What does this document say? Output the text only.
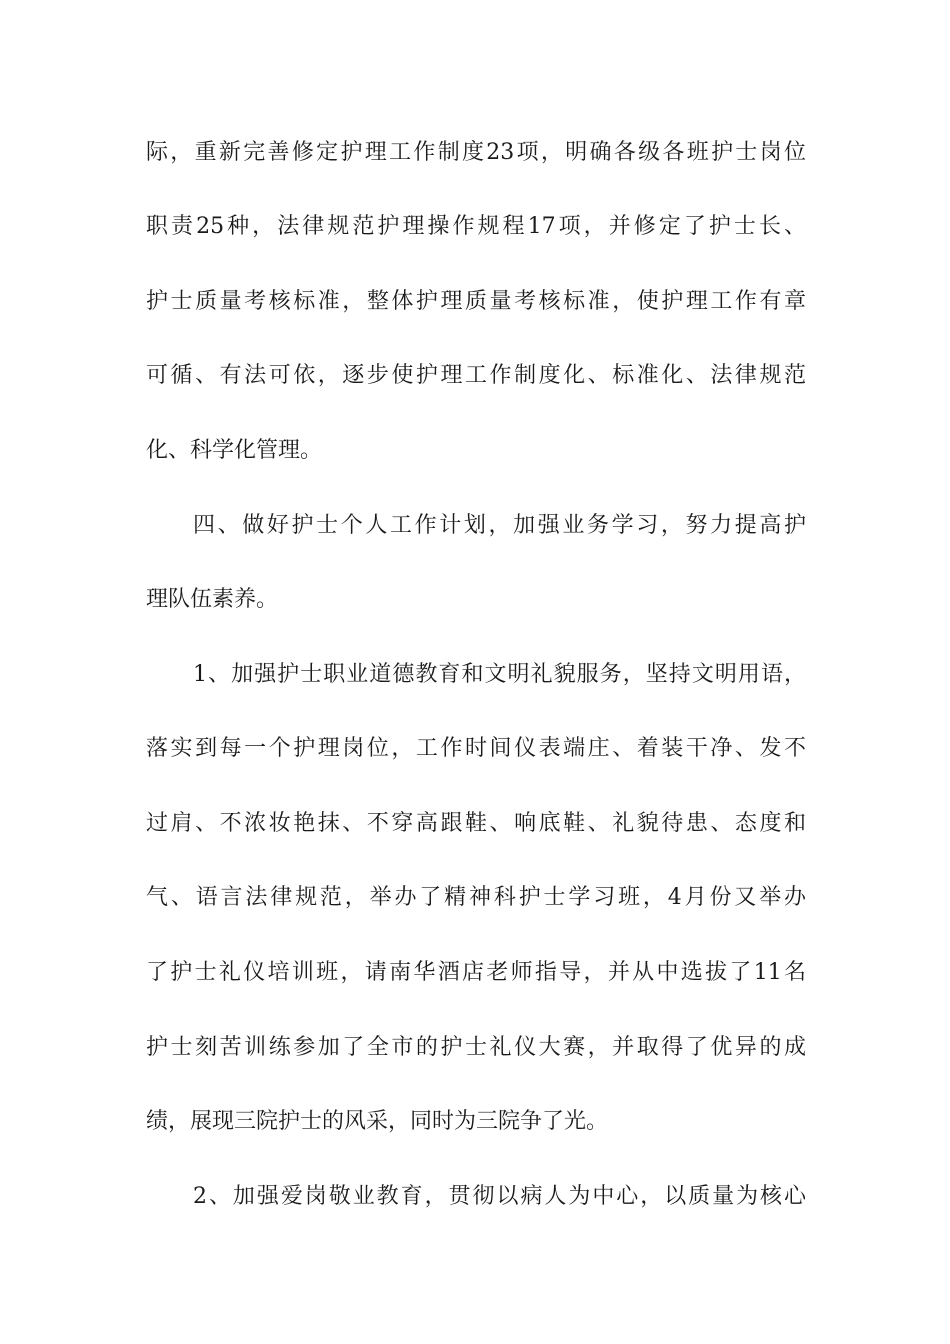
际，重新完善修定护理工作制度23项，明确各级各班护士岗位
职责25种，法律规范护理操作规程17项，并修定了护士长、
护士质量考核标准，整体护理质量考核标准，使护理工作有章
可循、有法可依，逐步使护理工作制度化、标准化、法律规范
化、科学化管理。
四、做好护士个人工作计划，加强业务学习，努力提高护
理队伍素养。
1、加强护士职业道德教育和文明礼貌服务，坚持文明用语，
落实到每一个护理岗位，工作时间仪表端庄、着装干净、发不
过肩、不浓妆艳抹、不穿高跟鞋、响底鞋、礼貌待患、态度和
气、语言法律规范，举办了精神科护士学习班，4月份又举办
了护士礼仪培训班，请南华酒店老师指导，并从中选拔了11名
护士刻苦训练参加了全市的护士礼仪大赛，并取得了优异的成
绩，展现三院护士的风采，同时为三院争了光。
2、加强爱岗敬业教育，贯彻以病人为中心，以质量为核心
